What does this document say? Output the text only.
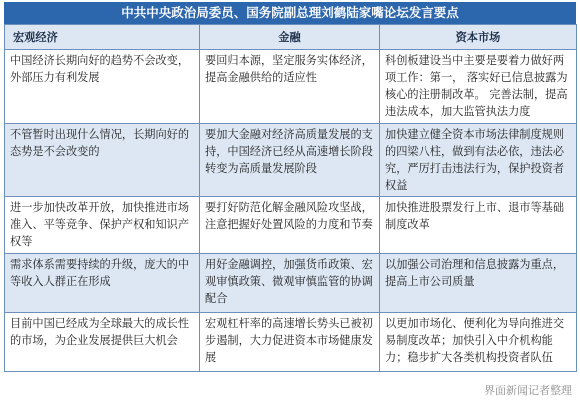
中共中央政治局委员、国务院副总理刘鹤陆家嘴论坛发言要点
宏观经济	金融	资本市场
中国经济长期向好的趋势不会改变，外部压力有利发展	要回归本源，坚定服务实体经济，提高金融供给的适应性	科创板建设当中主要是要着力做好两项工作：第一， 落实好已信息披露为核心的注册制改革。 完善法制，提高违法成本，加大监管执法力度
不管暂时出现什么情况，长期向好的态势是不会改变的	要加大金融对经济高质量发展的支持，中国经济已经从高速增长阶段转变为高质量发展阶段	加快建立健全资本市场法律制度规则的四梁八柱，做到有法必依，违法必究，严厉打击违法行为，保护投资者权益
进一步加快改革开放，加快推进市场准入、平等竞争、保护产权和知识产权等	要打好防范化解金融风险攻坚战，注意把握好处置风险的力度和节奏	加快推进股票发行上市、退市等基础制度改革
需求体系需要持续的升级，庞大的中等收入人群正在形成	用好金融调控，加强货币政策、宏观审慎政策、微观审慎监管的协调配合	以加强公司治理和信息披露为重点，提高上市公司质量
目前中国已经成为全球最大的成长性的市场，为企业发展提供巨大机会	宏观杠杆率的高速增长势头已被初步遏制，大力促进资本市场健康发展	以更加市场化、便利化为导向推进交易制度改革；加快引入中介机构能力；稳步扩大各类机构投资者队伍
界面新闻记者整理
